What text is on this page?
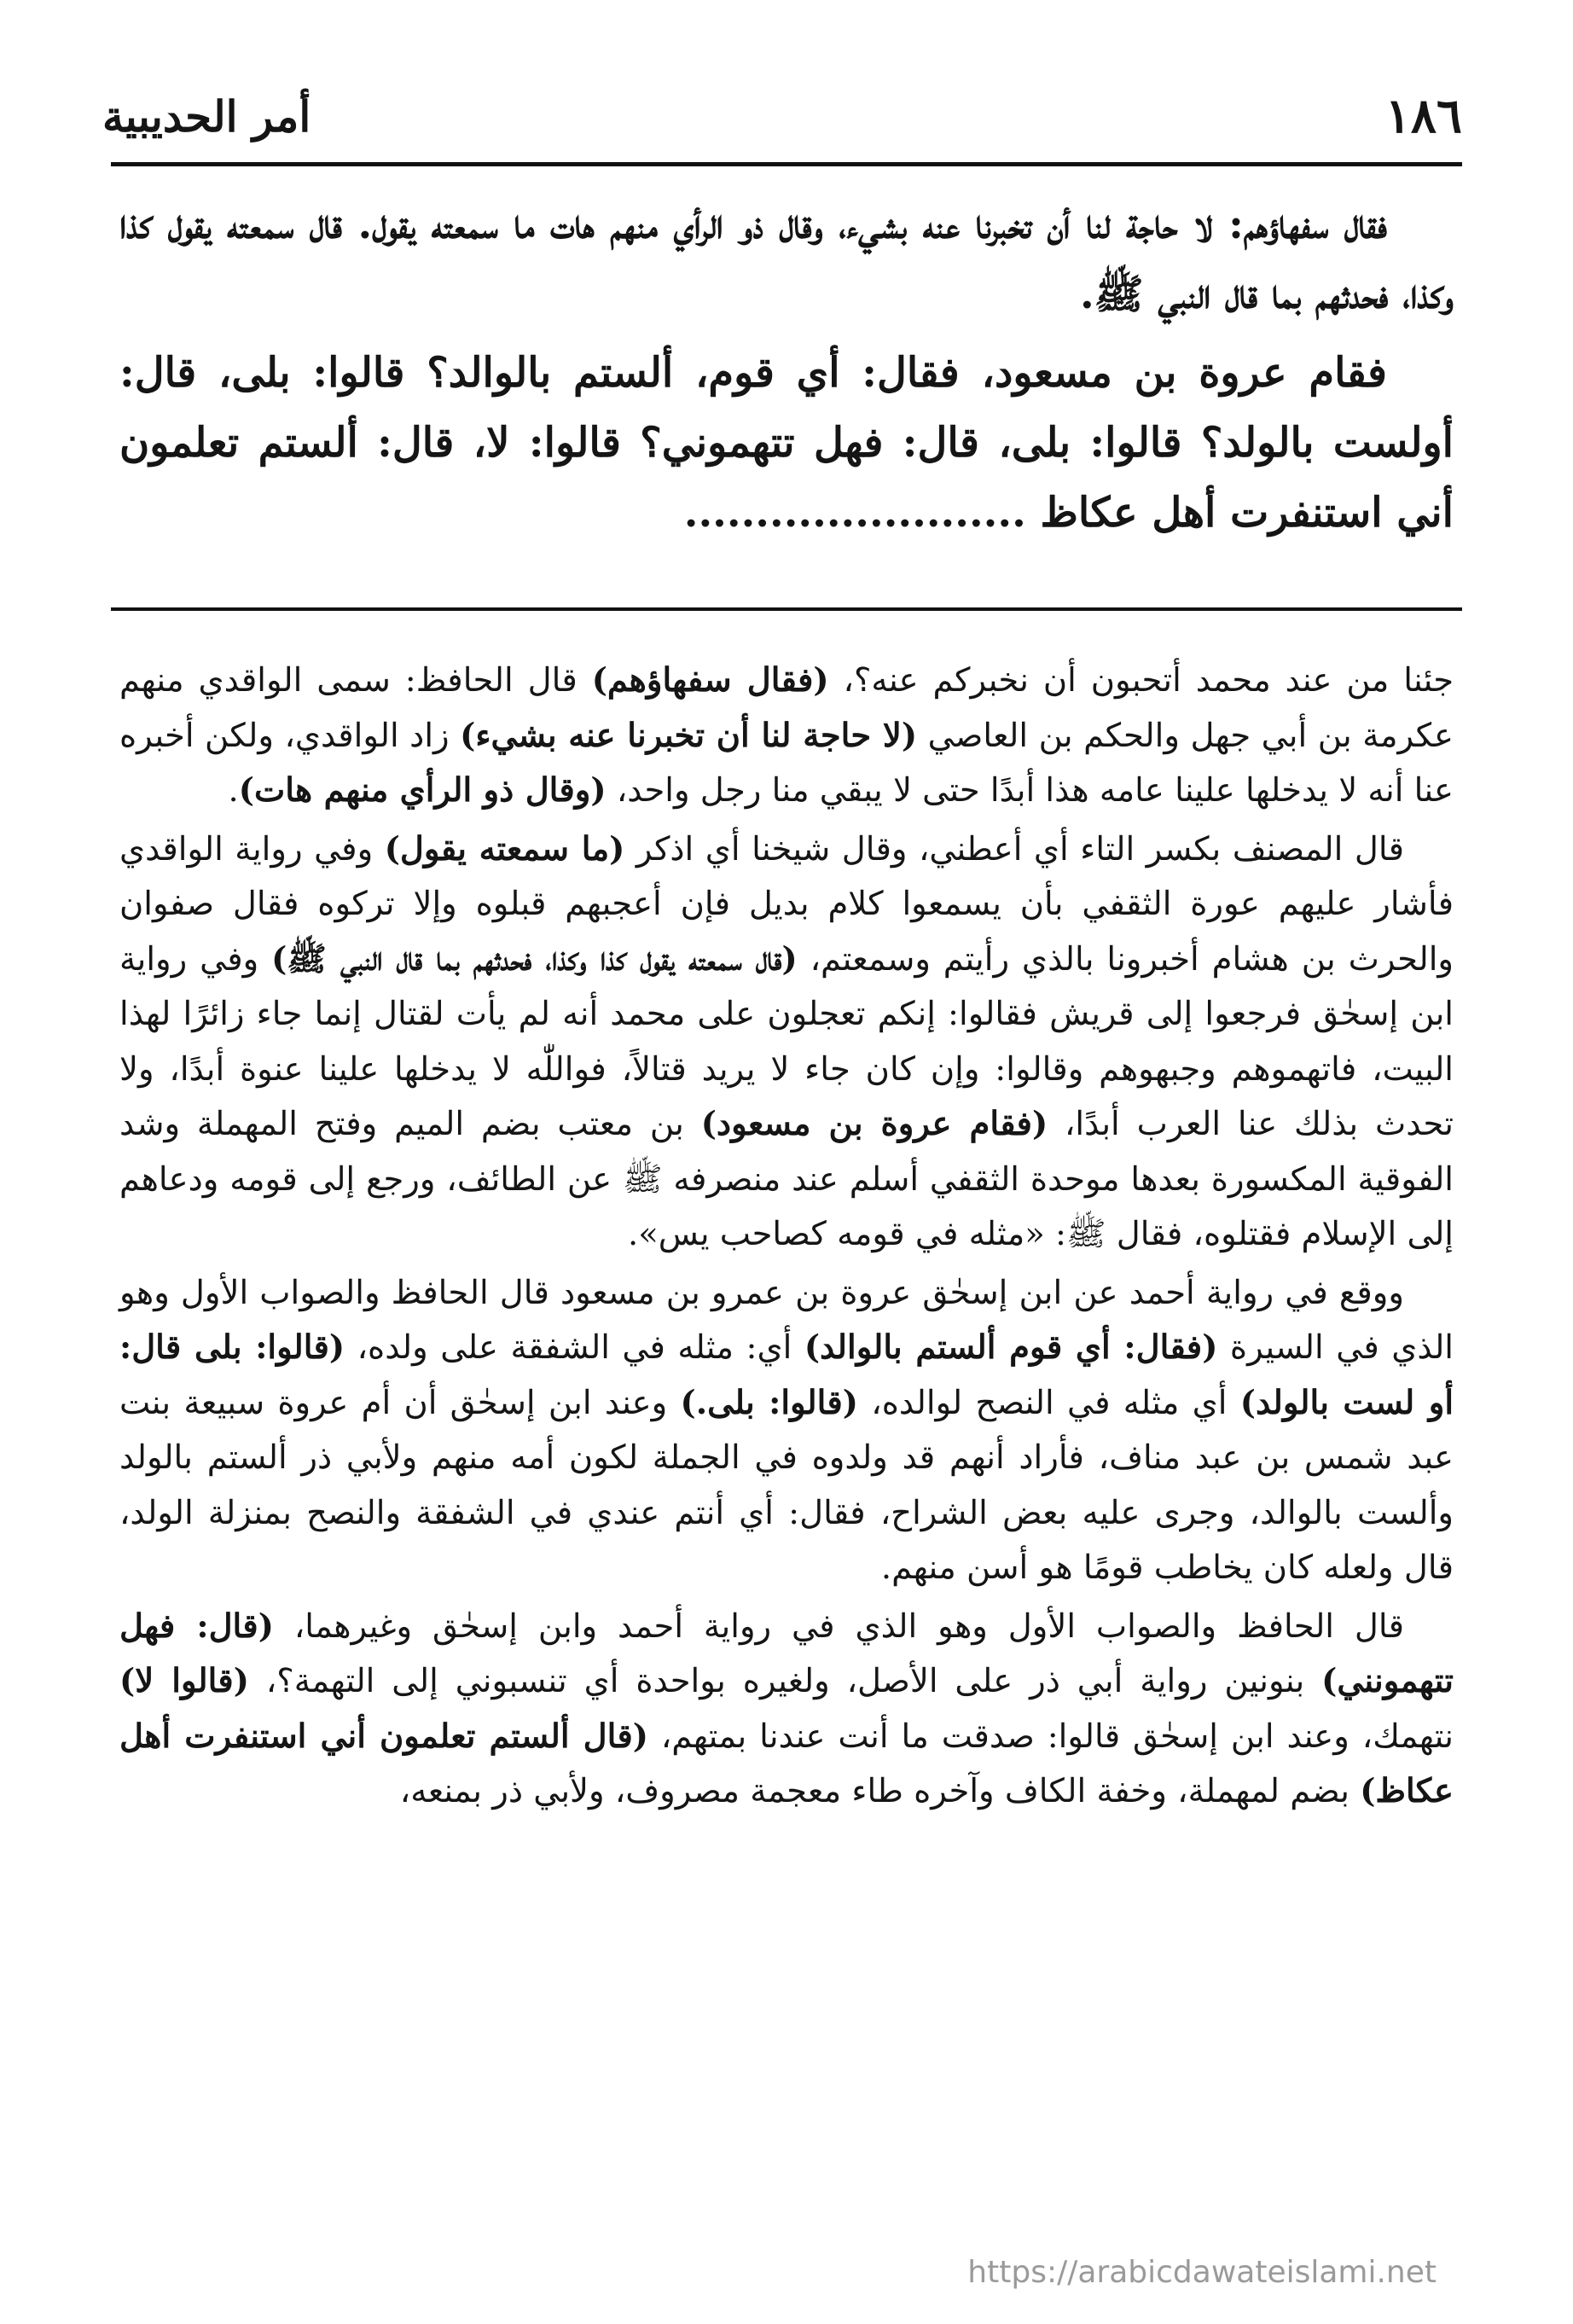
١٨٦
أمر الحديبية

فقال سفهاؤهم: لا حاجة لنا أن تخبرنا عنه بشيء، وقال ذو الرأي منهم هات ما سمعته يقول. قال سمعته يقول كذا وكذا، فحدثهم بما قال النبي ﷺ.

فقام عروة بن مسعود، فقال: أي قوم، ألستم بالوالد؟ قالوا: بلى، قال: أولست بالولد؟ قالوا: بلى، قال: فهل تتهموني؟ قالوا: لا، قال: ألستم تعلمون أني استنفرت أهل عكاظ ........................

جئنا من عند محمد أتحبون أن نخبركم عنه؟، (فقال سفهاؤهم) قال الحافظ: سمى الواقدي منهم عكرمة بن أبي جهل والحكم بن العاصي (لا حاجة لنا أن تخبرنا عنه بشيء) زاد الواقدي، ولكن أخبره عنا أنه لا يدخلها علينا عامه هذا أبدًا حتى لا يبقي منا رجل واحد، (وقال ذو الرأي منهم هات).

قال المصنف بكسر التاء أي أعطني، وقال شيخنا أي اذكر (ما سمعته يقول) وفي رواية الواقدي فأشار عليهم عورة الثقفي بأن يسمعوا كلام بديل فإن أعجبهم قبلوه وإلا تركوه فقال صفوان والحرث بن هشام أخبرونا بالذي رأيتم وسمعتم، (قال سمعته يقول كذا وكذا، فحدثهم بما قال النبي ﷺ) وفي رواية ابن إسحٰق فرجعوا إلى قريش فقالوا: إنكم تعجلون على محمد أنه لم يأت لقتال إنما جاء زائرًا لهذا البيت، فاتهموهم وجبهوهم وقالوا: وإن كان جاء لا يريد قتالاً، فواللّٰه لا يدخلها علينا عنوة أبدًا، ولا تحدث بذلك عنا العرب أبدًا، (فقام عروة بن مسعود) بن معتب بضم الميم وفتح المهملة وشد الفوقية المكسورة بعدها موحدة الثقفي أسلم عند منصرفه ﷺ عن الطائف، ورجع إلى قومه ودعاهم إلى الإسلام فقتلوه، فقال ﷺ: «مثله في قومه كصاحب يس».

ووقع في رواية أحمد عن ابن إسحٰق عروة بن عمرو بن مسعود قال الحافظ والصواب الأول وهو الذي في السيرة (فقال: أي قوم ألستم بالوالد) أي: مثله في الشفقة على ولده، (قالوا: بلى قال: أو لست بالولد) أي مثله في النصح لوالده، (قالوا: بلى.) وعند ابن إسحٰق أن أم عروة سبيعة بنت عبد شمس بن عبد مناف، فأراد أنهم قد ولدوه في الجملة لكون أمه منهم ولأبي ذر ألستم بالولد وألست بالوالد، وجرى عليه بعض الشراح، فقال: أي أنتم عندي في الشفقة والنصح بمنزلة الولد، قال ولعله كان يخاطب قومًا هو أسن منهم.

قال الحافظ والصواب الأول وهو الذي في رواية أحمد وابن إسحٰق وغيرهما، (قال: فهل تتهمونني) بنونين رواية أبي ذر على الأصل، ولغيره بواحدة أي تنسبوني إلى التهمة؟، (قالوا لا) نتهمك، وعند ابن إسحٰق قالوا: صدقت ما أنت عندنا بمتهم، (قال ألستم تعلمون أني استنفرت أهل عكاظ) بضم لمهملة، وخفة الكاف وآخره طاء معجمة مصروف، ولأبي ذر بمنعه،

https://arabicdawateislami.net
